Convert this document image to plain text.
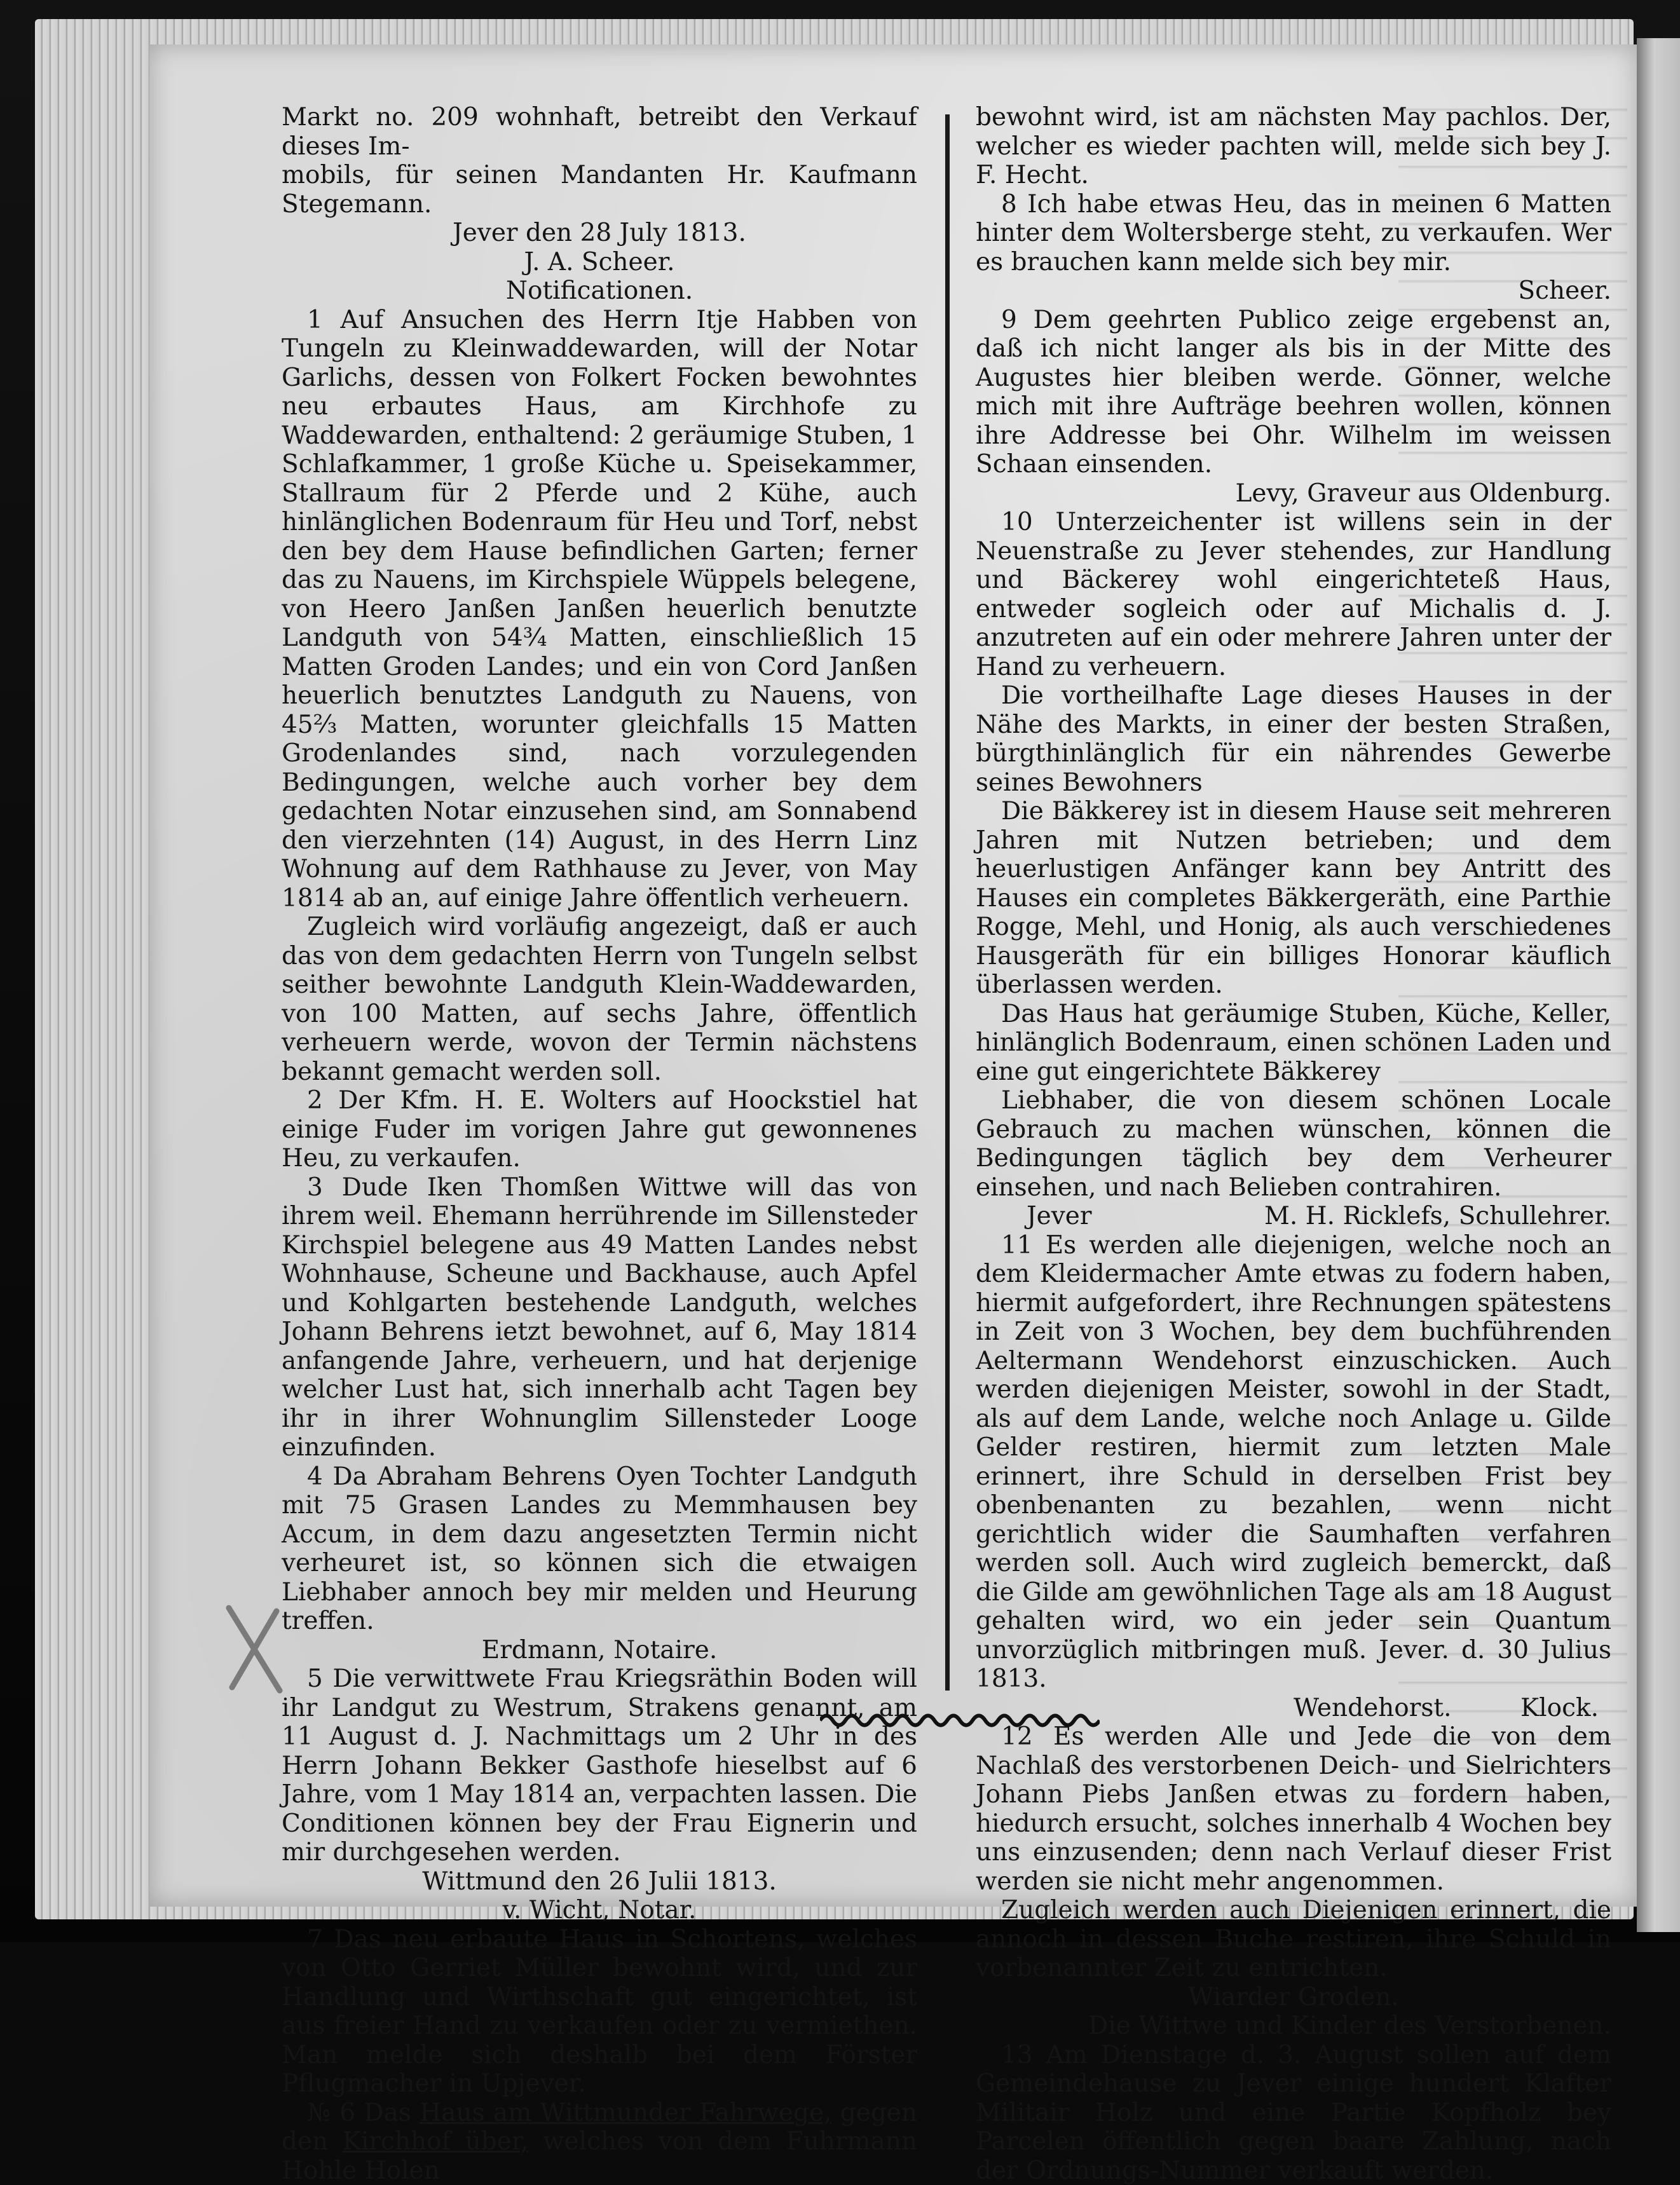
Markt no. 209 wohnhaft, betreibt den Verkauf dieses Im-

mobils, für seinen Mandanten Hr. Kaufmann Stegemann.

Jever den 28 July 1813.

J. A. Scheer.

Notificationen.

1 Auf Ansuchen des Herrn Itje Habben von Tungeln zu Kleinwaddewarden, will der Notar Garlichs, dessen von Folkert Focken bewohntes neu erbautes Haus, am Kirchhofe zu Waddewarden, enthaltend: 2 geräumige Stuben, 1 Schlafkammer, 1 große Küche u. Speisekammer, Stallraum für 2 Pferde und 2 Kühe, auch hinlänglichen Bodenraum für Heu und Torf, nebst den bey dem Hause befindlichen Garten; ferner das zu Nauens, im Kirchspiele Wüppels belegene, von Heero Janßen Janßen heuerlich benutzte Landguth von 54¾ Matten, einschließlich 15 Matten Groden Landes; und ein von Cord Janßen heuerlich benutztes Landguth zu Nauens, von 45⅔ Matten, worunter gleichfalls 15 Matten Grodenlandes sind, nach vorzulegenden Bedingungen, welche auch vorher bey dem gedachten Notar einzusehen sind, am Sonnabend den vierzehnten (14) August, in des Herrn Linz Wohnung auf dem Rathhause zu Jever, von May 1814 ab an, auf einige Jahre öffentlich verheuern.

Zugleich wird vorläufig angezeigt, daß er auch das von dem gedachten Herrn von Tungeln selbst seither bewohnte Landguth Klein-Waddewarden, von 100 Matten, auf sechs Jahre, öffentlich verheuern werde, wovon der Termin nächstens bekannt gemacht werden soll.

2 Der Kfm. H. E. Wolters auf Hoockstiel hat einige Fuder im vorigen Jahre gut gewonnenes Heu, zu verkaufen.

3 Dude Iken Thomßen Wittwe will das von ihrem weil. Ehemann herrührende im Sillensteder Kirchspiel belegene aus 49 Matten Landes nebst Wohnhause, Scheune und Backhause, auch Apfel und Kohlgarten bestehende Landguth, welches Johann Behrens ietzt bewohnet, auf 6, May 1814 anfangende Jahre, verheuern, und hat derjenige welcher Lust hat, sich innerhalb acht Tagen bey ihr in ihrer Wohnunglim Sillensteder Looge einzufinden.

4 Da Abraham Behrens Oyen Tochter Landguth mit 75 Grasen Landes zu Memmhausen bey Accum, in dem dazu angesetzten Termin nicht verheuret ist, so können sich die etwaigen Liebhaber annoch bey mir melden und Heurung treffen.

Erdmann, Notaire.

5 Die verwittwete Frau Kriegsräthin Boden will ihr Landgut zu Westrum, Strakens genannt, am 11 August d. J. Nachmittags um 2 Uhr in des Herrn Johann Bekker Gasthofe hieselbst auf 6 Jahre, vom 1 May 1814 an, verpachten lassen. Die Conditionen können bey der Frau Eignerin und mir durchgesehen werden.

Wittmund den 26 Julii 1813.

v. Wicht, Notar.

7 Das neu erbaute Haus in Schortens, welches von Otto Gerriet Müller bewohnt wird, und zur Handlung und Wirthschaft gut eingerichtet, ist aus freier Hand zu verkaufen oder zu vermiethen. Man melde sich deshalb bei dem Förster Pflugmacher in Upjever.

№ 6 Das Haus am Wittmunder Fahrwege, gegen den Kirchhof über, welches von dem Fuhrmann Hohle Holen

bewohnt wird, ist am nächsten May pachlos. Der, welcher es wieder pachten will, melde sich bey J. F. Hecht.

8 Ich habe etwas Heu, das in meinen 6 Matten hinter dem Woltersberge steht, zu verkaufen. Wer es brauchen kann melde sich bey mir.

Scheer.

9 Dem geehrten Publico zeige ergebenst an, daß ich nicht langer als bis in der Mitte des Augustes hier bleiben werde. Gönner, welche mich mit ihre Aufträge beehren wollen, können ihre Addresse bei Ohr. Wilhelm im weissen Schaan einsenden.

Levy, Graveur aus Oldenburg.

10 Unterzeichenter ist willens sein in der Neuenstraße zu Jever stehendes, zur Handlung und Bäckerey wohl eingerichteteß Haus, entweder sogleich oder auf Michalis d. J. anzutreten auf ein oder mehrere Jahren unter der Hand zu verheuern.

Die vortheilhafte Lage dieses Hauses in der Nähe des Markts, in einer der besten Straßen, bürgthinlänglich für ein nährendes Gewerbe seines Bewohners

Die Bäkkerey ist in diesem Hause seit mehreren Jahren mit Nutzen betrieben; und dem heuerlustigen Anfänger kann bey Antritt des Hauses ein completes Bäkkergeräth, eine Parthie Rogge, Mehl, und Honig, als auch verschiedenes Hausgeräth für ein billiges Honorar käuflich überlassen werden.

Das Haus hat geräumige Stuben, Küche, Keller, hinlänglich Bodenraum, einen schönen Laden und eine gut eingerichtete Bäkkerey

Liebhaber, die von diesem schönen Locale Gebrauch zu machen wünschen, können die Bedingungen täglich bey dem Verheurer einsehen, und nach Belieben contrahiren.

Jever	M. H. Ricklefs, Schullehrer.

11 Es werden alle diejenigen, welche noch an dem Kleidermacher Amte etwas zu fodern haben, hiermit aufgefordert, ihre Rechnungen spätestens in Zeit von 3 Wochen, bey dem buchführenden Aeltermann Wendehorst einzuschicken. Auch werden diejenigen Meister, sowohl in der Stadt, als auf dem Lande, welche noch Anlage u. Gilde Gelder restiren, hiermit zum letzten Male erinnert, ihre Schuld in derselben Frist bey obenbenanten zu bezahlen, wenn nicht gerichtlich wider die Saumhaften verfahren werden soll. Auch wird zugleich bemerckt, daß die Gilde am gewöhnlichen Tage als am 18 August gehalten wird, wo ein jeder sein Quantum unvorzüglich mitbringen muß. Jever. d. 30 Julius 1813.

Wendehorst.	Klock.

12 Es werden Alle und Jede die von dem Nachlaß des verstorbenen Deich- und Sielrichters Johann Piebs Janßen etwas zu fordern haben, hiedurch ersucht, solches innerhalb 4 Wochen bey uns einzusenden; denn nach Verlauf dieser Frist werden sie nicht mehr angenommen.

Zugleich werden auch Diejenigen erinnert, die annoch in dessen Buche restiren, ihre Schuld in vorbenannter Zeit zu entrichten.

Wiarder Groden.

Die Wittwe und Kinder des Verstorbenen.

13 Am Dienstage d. 3. August sollen auf dem Gemeindehause zu Jever einige hundert Klafter Militair Holz und eine Partie Kopfholz bey Parcelen öffentlich gegen baare Zahlung, nach der Ordnungs-Nummer verkauft werden.
